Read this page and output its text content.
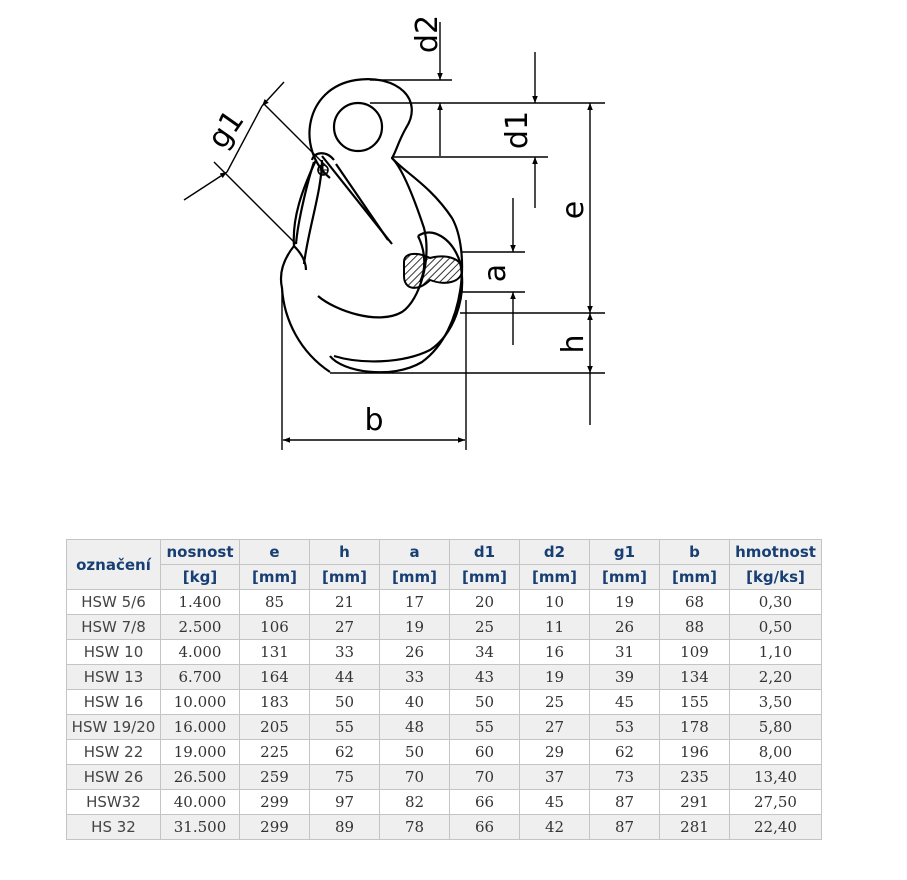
d2
d1
e
a
h
g1
b
označení	nosnost	e	h	a	d1	d2	g1	b	hmotnost
	[kg]	[mm]	[mm]	[mm]	[mm]	[mm]	[mm]	[mm]	[kg/ks]
HSW 5/6	1.400	85	21	17	20	10	19	68	0,30
HSW 7/8	2.500	106	27	19	25	11	26	88	0,50
HSW 10	4.000	131	33	26	34	16	31	109	1,10
HSW 13	6.700	164	44	33	43	19	39	134	2,20
HSW 16	10.000	183	50	40	50	25	45	155	3,50
HSW 19/20	16.000	205	55	48	55	27	53	178	5,80
HSW 22	19.000	225	62	50	60	29	62	196	8,00
HSW 26	26.500	259	75	70	70	37	73	235	13,40
HSW32	40.000	299	97	82	66	45	87	291	27,50
HS 32	31.500	299	89	78	66	42	87	281	22,40
